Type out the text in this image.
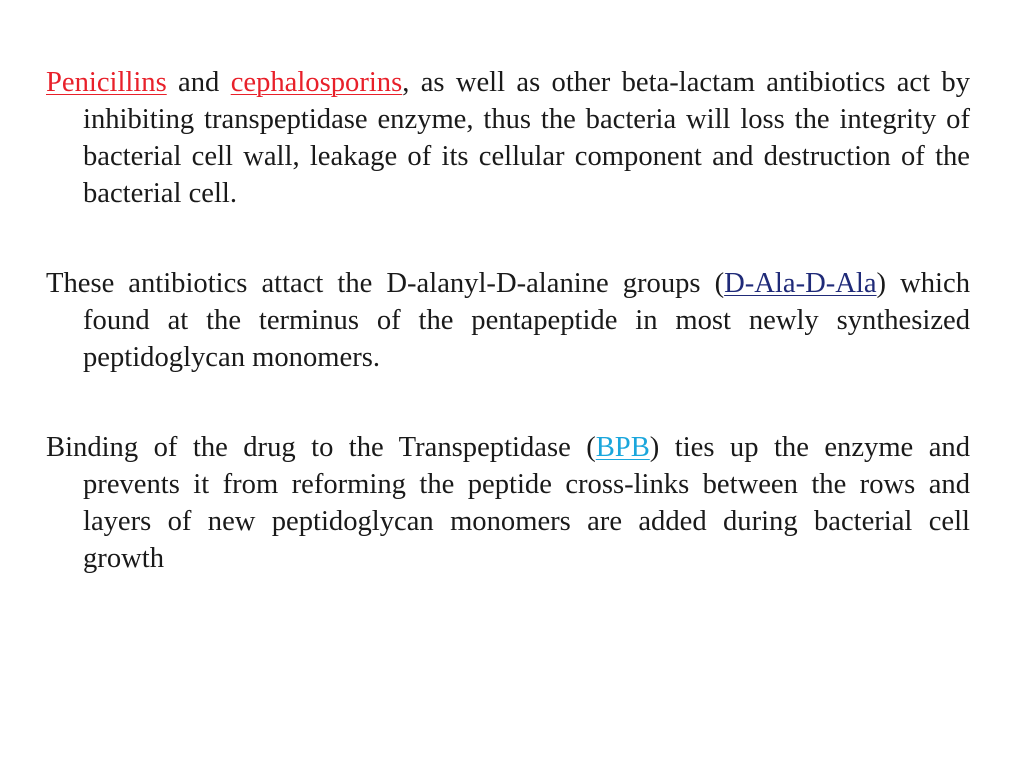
Penicillins and cephalosporins, as well as other beta-lactam antibiotics act by inhibiting transpeptidase enzyme, thus the bacteria will loss the integrity of bacterial cell wall, leakage of its cellular component and destruction of the bacterial cell.

These antibiotics attact the D-alanyl-D-alanine groups (D-Ala-D-Ala) which found at the terminus of the pentapeptide in most newly synthesized peptidoglycan monomers.

Binding of the drug to the Transpeptidase (BPB) ties up the enzyme and prevents it from reforming the peptide cross-links between the rows and layers of new peptidoglycan monomers are added during bacterial cell growth
